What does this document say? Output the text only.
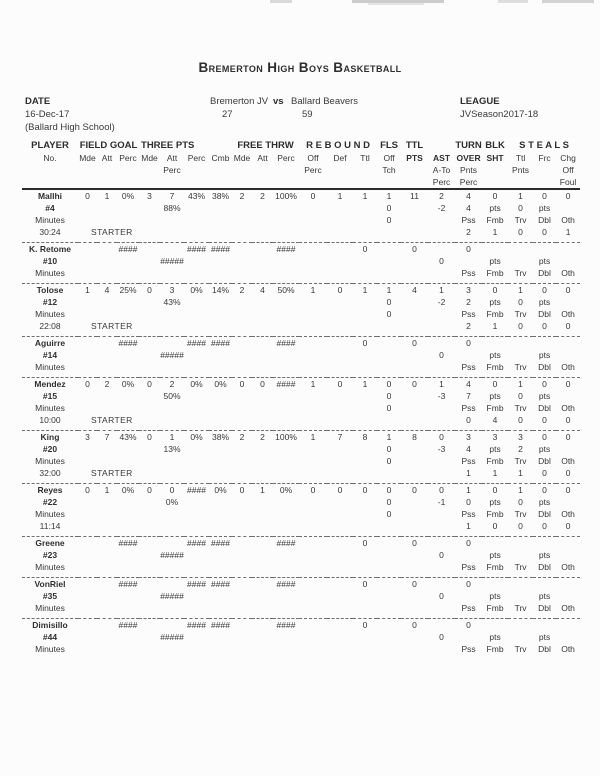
Bremerton High Boys Basketball
DATE
16-Dec-17
(Ballard High School)
Bremerton JV vs Ballard Beavers
27	59
LEAGUE
JVSeason2017-18
PLAYER	FIELD GOAL			THREE PTS				FREE THRW			R E B O U N D			FLS	TTL		TURN	BLK	S T E A L S		
No.	Mde	Att	Perc	Mde	Att	Perc	Cmb	Mde	Att	Perc	Off	Def	Ttl	Off	PTS	AST	OVER	SHT	Ttl	Frc	Chg
					Perc						Perc			Tch		A-To	Pnts		Pnts		Off
																Perc	Perc				Foul
Mallhi	0	1	0%	3	7	43%	38%	2	2	100%	0	1	1	1	11	2	4	0	1	0	0
#4					88%									0		-2	4	pts	0	pts	
Minutes														0			Pss	Fmb	Trv	Dbl	Oth
30:24	STARTER																2	1	0	0	1

K. Retome			####			####	####			####			0		0		0				
#10					#####											0		pts		pts	
Minutes																	Pss	Fmb	Trv	Dbl	Oth

Tolose	1	4	25%	0	3	0%	14%	2	4	50%	1	0	1	1	4	1	3	0	1	0	0
#12					43%									0		-2	2	pts	0	pts	
Minutes														0			Pss	Fmb	Trv	Dbl	Oth
22:08	STARTER																2	1	0	0	0

Aguirre			####			####	####			####			0		0		0				
#14					#####											0		pts		pts	
Minutes																	Pss	Fmb	Trv	Dbl	Oth

Mendez	0	2	0%	0	2	0%	0%	0	0	####	1	0	1	0	0	1	4	0	1	0	0
#15					50%									0		-3	7	pts	0	pts	
Minutes														0			Pss	Fmb	Trv	Dbl	Oth
10:00	STARTER																0	4	0	0	0

King	3	7	43%	0	1	0%	38%	2	2	100%	1	7	8	1	8	0	3	3	3	0	0
#20					13%									0		-3	4	pts	2	pts	
Minutes														0			Pss	Fmb	Trv	Dbl	Oth
32:00	STARTER																1	1	1	0	0

Reyes	0	1	0%	0	0	####	0%	0	1	0%	0	0	0	0	0	0	1	0	1	0	0
#22					0%									0		-1	0	pts	0	pts	
Minutes														0			Pss	Fmb	Trv	Dbl	Oth
11:14																	1	0	0	0	0

Greene			####			####	####			####			0		0		0				
#23					#####											0		pts		pts	
Minutes																	Pss	Fmb	Trv	Dbl	Oth

VonRiel			####			####	####			####			0		0		0				
#35					#####											0		pts		pts	
Minutes																	Pss	Fmb	Trv	Dbl	Oth

Dimisillo			####			####	####			####			0		0		0				
#44					#####											0		pts		pts	
Minutes																	Pss	Fmb	Trv	Dbl	Oth
